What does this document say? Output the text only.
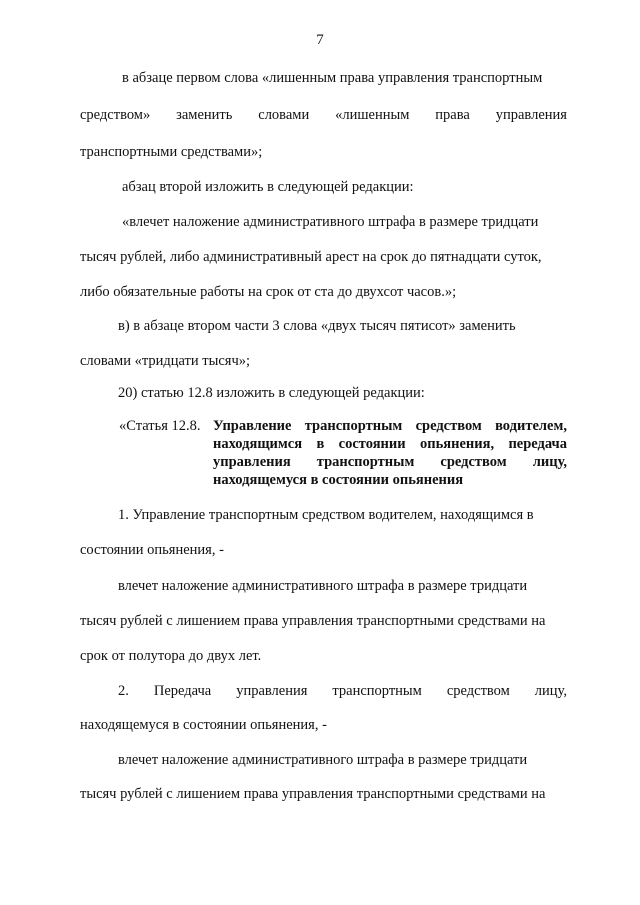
7
в абзаце первом слова «лишенным права управления транспортным
средством» заменить словами «лишенным права управления
транспортными средствами»;
абзац второй изложить в следующей редакции:
«влечет наложение административного штрафа в размере тридцати
тысяч рублей, либо административный арест на срок до пятнадцати суток,
либо обязательные работы на срок от ста до двухсот часов.»;
в) в абзаце втором части 3 слова «двух тысяч пятисот» заменить
словами «тридцати тысяч»;
20) статью 12.8 изложить в следующей редакции:
«Статья 12.8. Управление транспортным средством водителем,
находящимся в состоянии опьянения, передача
управления транспортным средством лицу,
находящемуся в состоянии опьянения
1. Управление транспортным средством водителем, находящимся в
состоянии опьянения, -
влечет наложение административного штрафа в размере тридцати
тысяч рублей с лишением права управления транспортными средствами на
срок от полутора до двух лет.
2. Передача управления транспортным средством лицу,
находящемуся в состоянии опьянения, -
влечет наложение административного штрафа в размере тридцати
тысяч рублей с лишением права управления транспортными средствами на
